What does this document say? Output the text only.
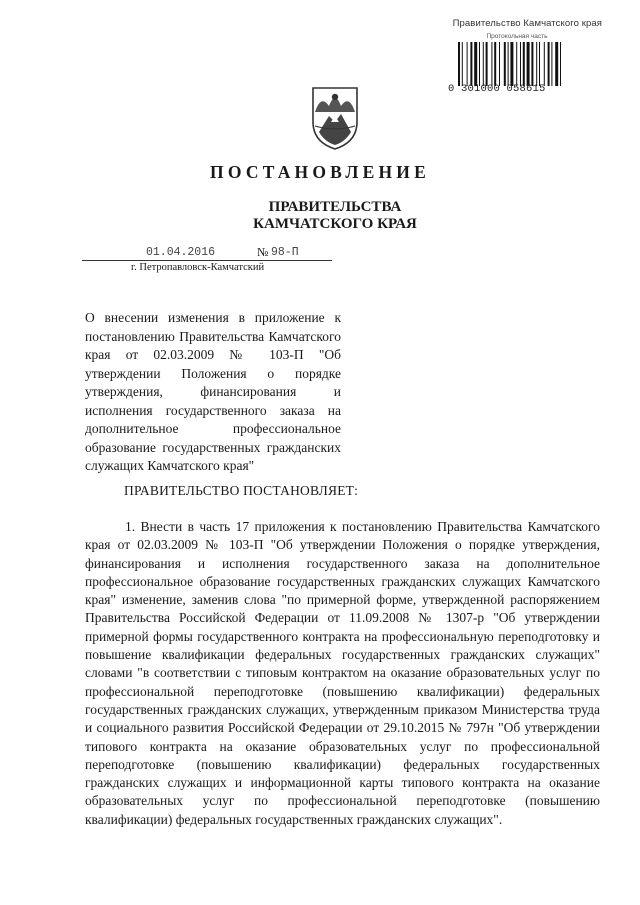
Правительство Камчатского края
Протокольная часть
0 301000 058615
ПОСТАНОВЛЕНИЕ
ПРАВИТЕЛЬСТВА
КАМЧАТСКОГО КРАЯ
01.04.2016	№ 98-П
г. Петропавловск-Камчатский
О внесении изменения в приложение к постановлению Правительства Камчатского края от 02.03.2009 № 103-П "Об утверждении Положения о порядке утверждения, финансирования и исполнения государственного заказа на дополнительное профессиональное образование государственных гражданских служащих Камчатского края"
ПРАВИТЕЛЬСТВО ПОСТАНОВЛЯЕТ:
1. Внести в часть 17 приложения к постановлению Правительства Камчатского края от 02.03.2009 № 103-П "Об утверждении Положения о порядке утверждения, финансирования и исполнения государственного заказа на дополнительное профессиональное образование государственных гражданских служащих Камчатского края" изменение, заменив слова "по примерной форме, утвержденной распоряжением Правительства Российской Федерации от 11.09.2008 № 1307-р "Об утверждении примерной формы государственного контракта на профессиональную переподготовку и повышение квалификации федеральных государственных гражданских служащих" словами "в соответствии с типовым контрактом на оказание образовательных услуг по профессиональной переподготовке (повышению квалификации) федеральных государственных гражданских служащих, утвержденным приказом Министерства труда и социального развития Российской Федерации от 29.10.2015 № 797н "Об утверждении типового контракта на оказание образовательных услуг по профессиональной переподготовке (повышению квалификации) федеральных государственных гражданских служащих и информационной карты типового контракта на оказание образовательных услуг по профессиональной переподготовке (повышению квалификации) федеральных государственных гражданских служащих".
